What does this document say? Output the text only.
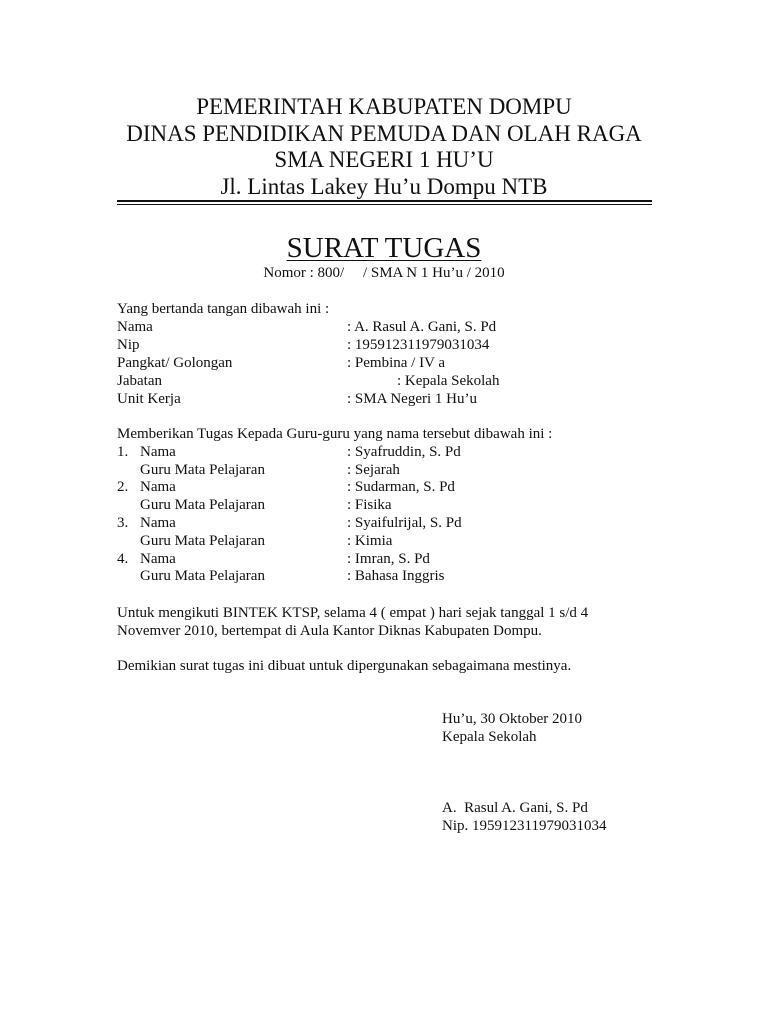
PEMERINTAH KABUPATEN DOMPU
DINAS PENDIDIKAN PEMUDA DAN OLAH RAGA
SMA NEGERI 1 HU’U
Jl. Lintas Lakey Hu’u Dompu NTB
SURAT TUGAS
Nomor : 800/     / SMA N 1 Hu’u / 2010
Yang bertanda tangan dibawah ini :
Nama	: A. Rasul A. Gani, S. Pd
Nip	: 195912311979031034
Pangkat/ Golongan	: Pembina / IV a
Jabatan	: Kepala Sekolah
Unit Kerja	: SMA Negeri 1 Hu’u
Memberikan Tugas Kepada Guru-guru yang nama tersebut dibawah ini :
1. Nama	: Syafruddin, S. Pd
Guru Mata Pelajaran	: Sejarah
2. Nama	: Sudarman, S. Pd
Guru Mata Pelajaran	: Fisika
3. Nama	: Syaifulrijal, S. Pd
Guru Mata Pelajaran	: Kimia
4. Nama	: Imran, S. Pd
Guru Mata Pelajaran	: Bahasa Inggris
Untuk mengikuti BINTEK KTSP, selama 4 ( empat ) hari sejak tanggal 1 s/d 4
Novemver 2010, bertempat di Aula Kantor Diknas Kabupaten Dompu.
Demikian surat tugas ini dibuat untuk dipergunakan sebagaimana mestinya.
Hu’u, 30 Oktober 2010
Kepala Sekolah
A.  Rasul A. Gani, S. Pd
Nip. 195912311979031034
